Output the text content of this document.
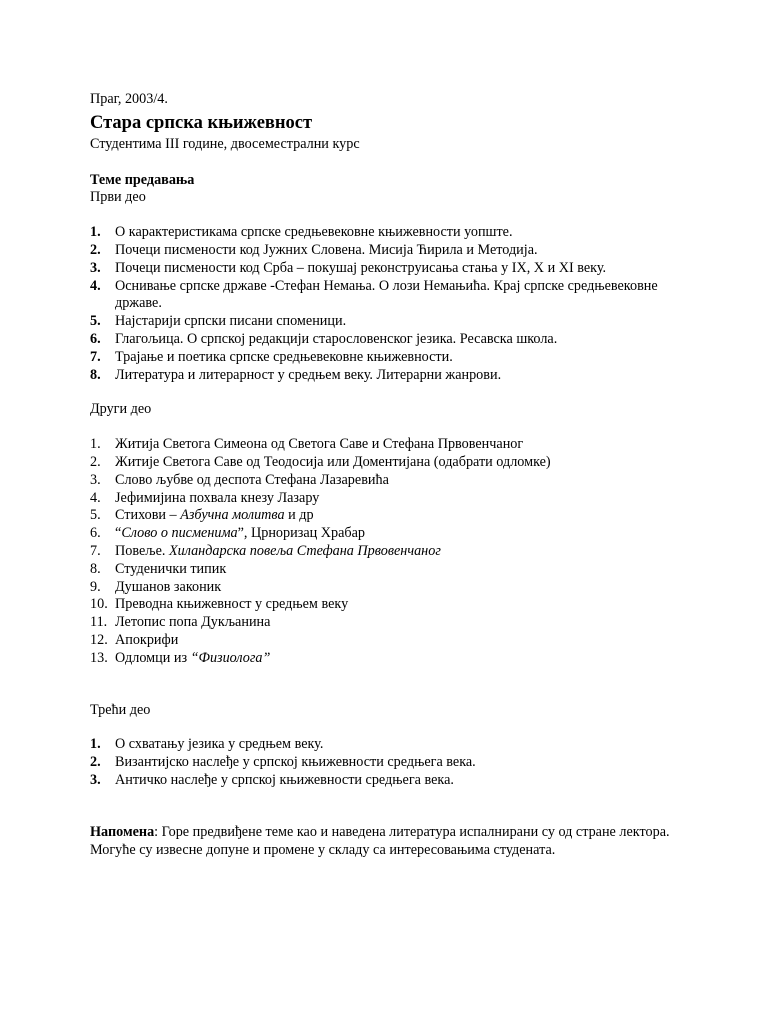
Праг, 2003/4.

Стара српска књижевност

Студентима III године, двосеместрални курс

Теме предавања

Први део

1. О карактеристикама српске средњевековне књижевности уопште.
2. Почеци писмености код Јужних Словена. Мисија Ћирила и Методија.
3. Почеци писмености код Срба – покушај реконструисања стања у IX, X и XI веку.
4. Оснивање српске државе -Стефан Немања. О лози Немањића. Крај српске средњевековне државе.
5. Најстарији српски писани споменици.
6. Глагољица. О српској редакцији старословенског језика. Ресавска школа.
7. Трајање и поетика српске средњевековне књижевности.
8. Литература и литерарност у средњем веку. Литерарни жанрови.

Други део

1. Житија Светога Симеона од Светога Саве и Стефана Првовенчаног
2. Житије Светога Саве од Теодосија или Доментијана (одабрати одломке)
3. Слово љубве од деспота Стефана Лазаревића
4. Јефимијина похвала кнезу Лазару
5. Стихови – Азбучна молитва и др
6. “Слово о писменима”, Црноризац Храбар
7. Повеље. Хиландарска повеља Стефана Првовенчаног
8. Студенички типик
9. Душанов законик
10. Преводна књижевност у средњем веку
11. Летопис попа Дукљанина
12. Апокрифи
13. Одломци из “Физиолога”

Трећи део

1. О схватању језика у средњем веку.
2. Византијско наслеђе у српској књижевности средњега века.
3. Античко наслеђе у српској књижевности средњега века.

Напомена: Горе предвиђене теме као и наведена литература испалнирани су од стране лектора. Могуће су извесне допуне и промене у складу са интересовањима студената.
